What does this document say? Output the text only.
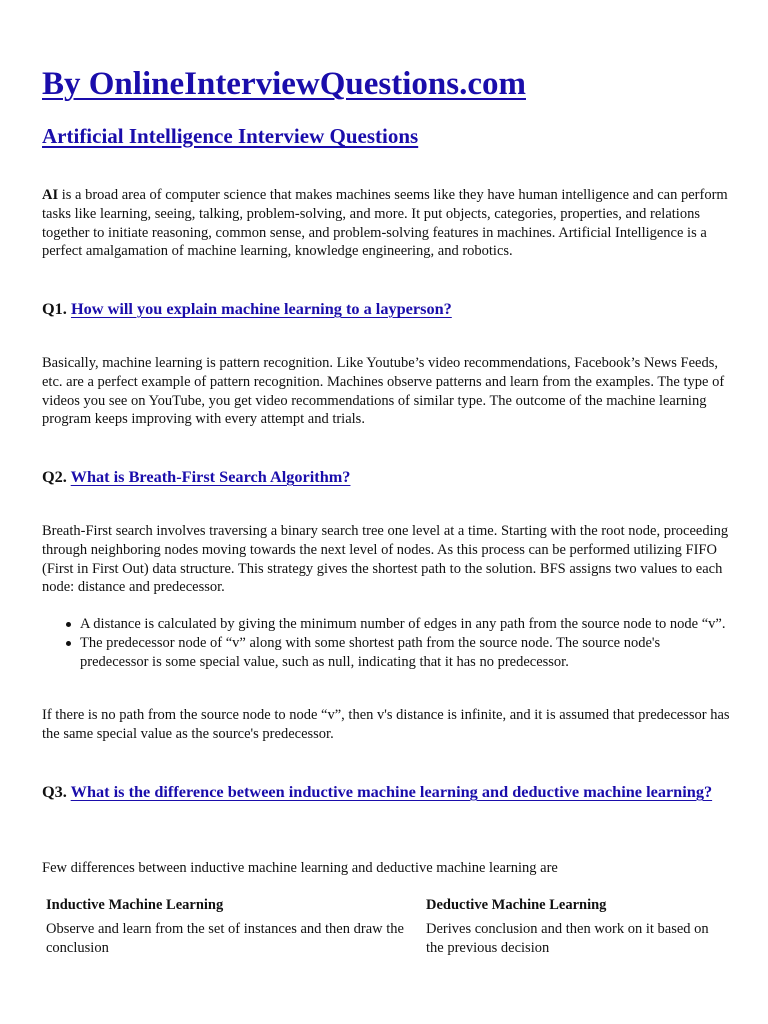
By OnlineInterviewQuestions.com
Artificial Intelligence Interview Questions

AI is a broad area of computer science that makes machines seems like they have human intelligence and can perform tasks like learning, seeing, talking, problem-solving, and more. It put objects, categories, properties, and relations together to initiate reasoning, common sense, and problem-solving features in machines. Artificial Intelligence is a perfect amalgamation of machine learning, knowledge engineering, and robotics.

Q1. How will you explain machine learning to a layperson?

Basically, machine learning is pattern recognition. Like Youtube’s video recommendations, Facebook’s News Feeds, etc. are a perfect example of pattern recognition. Machines observe patterns and learn from the examples. The type of videos you see on YouTube, you get video recommendations of similar type. The outcome of the machine learning program keeps improving with every attempt and trials.

Q2. What is Breath-First Search Algorithm?

Breath-First search involves traversing a binary search tree one level at a time. Starting with the root node, proceeding through neighboring nodes moving towards the next level of nodes. As this process can be performed utilizing FIFO (First in First Out) data structure. This strategy gives the shortest path to the solution. BFS assigns two values to each node: distance and predecessor.

A distance is calculated by giving the minimum number of edges in any path from the source node to node “v”.
The predecessor node of “v” along with some shortest path from the source node. The source node's predecessor is some special value, such as null, indicating that it has no predecessor.

If there is no path from the source node to node “v”, then v's distance is infinite, and it is assumed that predecessor has the same special value as the source's predecessor.

Q3. What is the difference between inductive machine learning and deductive machine learning?

Few differences between inductive machine learning and deductive machine learning are

Inductive Machine Learning	Deductive Machine Learning
Observe and learn from the set of instances and then draw the conclusion	Derives conclusion and then work on it based on the previous decision
